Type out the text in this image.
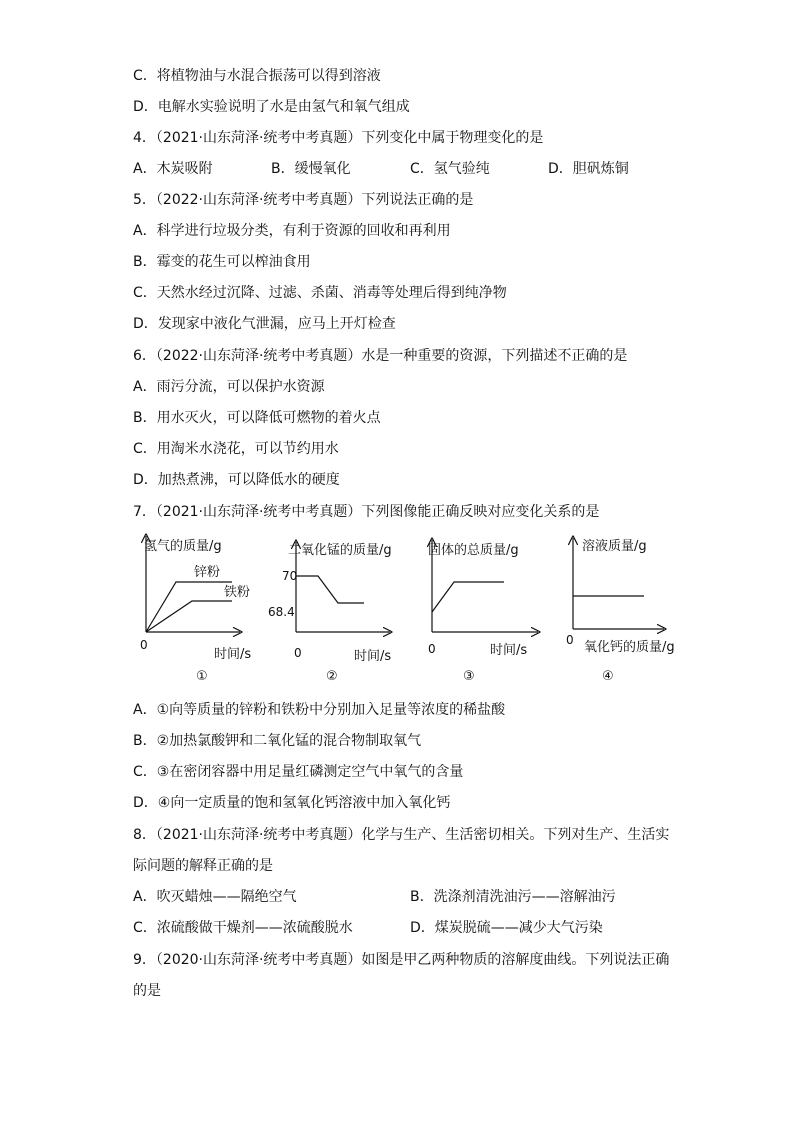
C．将植物油与水混合振荡可以得到溶液
D．电解水实验说明了水是由氢气和氧气组成
4．（2021·山东菏泽·统考中考真题）下列变化中属于物理变化的是
A．木炭吸附	B．缓慢氧化	C．氢气验纯	D．胆矾炼铜
5．（2022·山东菏泽·统考中考真题）下列说法正确的是
A．科学进行垃圾分类，有利于资源的回收和再利用
B．霉变的花生可以榨油食用
C．天然水经过沉降、过滤、杀菌、消毒等处理后得到纯净物
D．发现家中液化气泄漏，应马上开灯检查
6．（2022·山东菏泽·统考中考真题）水是一种重要的资源，下列描述不正确的是
A．雨污分流，可以保护水资源
B．用水灭火，可以降低可燃物的着火点
C．用淘米水浇花，可以节约用水
D．加热煮沸，可以降低水的硬度
7．（2021·山东菏泽·统考中考真题）下列图像能正确反映对应变化关系的是
氢气的质量/g
锌粉
铁粉
0
时间/s
①
二氧化锰的质量/g
70
68.4
0	时间/s
②
固体的总质量/g
0	时间/s
③
溶液质量/g
0 氧化钙的质量/g
④
A．①向等质量的锌粉和铁粉中分别加入足量等浓度的稀盐酸
B．②加热氯酸钾和二氧化锰的混合物制取氧气
C．③在密闭容器中用足量红磷测定空气中氧气的含量
D．④向一定质量的饱和氢氧化钙溶液中加入氧化钙
8．（2021·山东菏泽·统考中考真题）化学与生产、生活密切相关。下列对生产、生活实
际问题的解释正确的是
A．吹灭蜡烛——隔绝空气	B．洗涤剂清洗油污——溶解油污
C．浓硫酸做干燥剂——浓硫酸脱水	D．煤炭脱硫——减少大气污染
9．（2020·山东菏泽·统考中考真题）如图是甲乙两种物质的溶解度曲线。下列说法正确
的是
